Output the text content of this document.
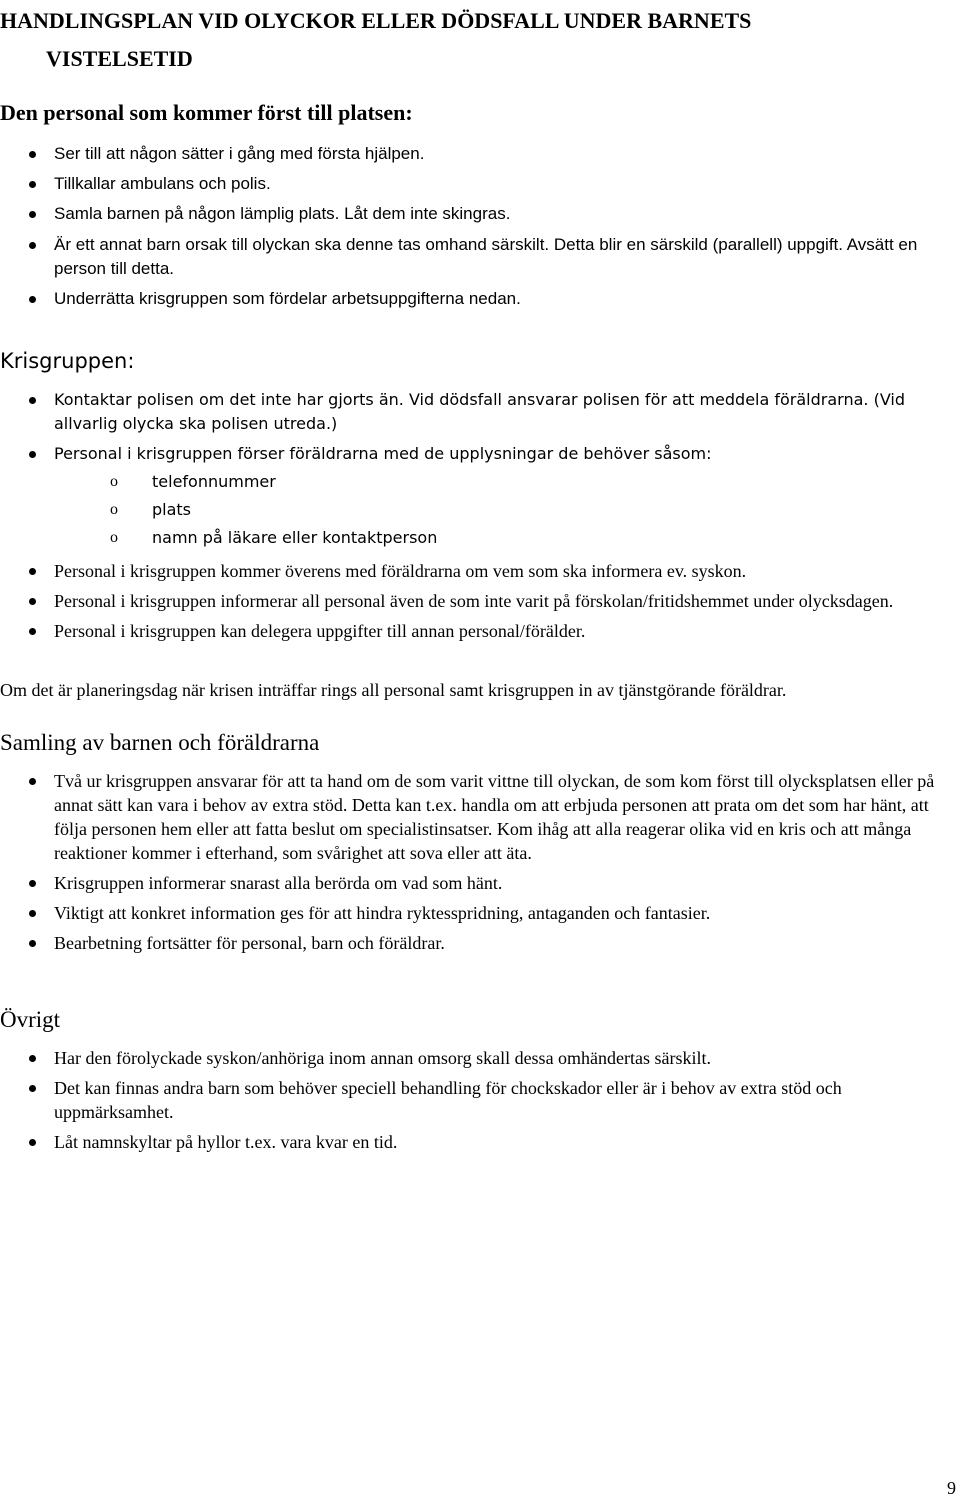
HANDLINGSPLAN VID OLYCKOR ELLER DÖDSFALL UNDER BARNETS
VISTELSETID
Den personal som kommer först till platsen:
Ser till att någon sätter i gång med första hjälpen.
Tillkallar ambulans och polis.
Samla barnen på någon lämplig plats. Låt dem inte skingras.
Är ett annat barn orsak till olyckan ska denne tas omhand särskilt. Detta blir en särskild (parallell) uppgift. Avsätt en person till detta.
Underrätta krisgruppen som fördelar arbetsuppgifterna nedan.
Krisgruppen:
Kontaktar polisen om det inte har gjorts än. Vid dödsfall ansvarar polisen för att meddela föräldrarna. (Vid allvarlig olycka ska polisen utreda.)
Personal i krisgruppen förser föräldrarna med de upplysningar de behöver såsom:
o telefonnummer
o plats
o namn på läkare eller kontaktperson
Personal i krisgruppen kommer överens med föräldrarna om vem som ska informera ev. syskon.
Personal i krisgruppen informerar all personal även de som inte varit på förskolan/fritidshemmet under olycksdagen.
Personal i krisgruppen kan delegera uppgifter till annan personal/förälder.

Om det är planeringsdag när krisen inträffar rings all personal samt krisgruppen in av tjänstgörande föräldrar.

Samling av barnen och föräldrarna
Två ur krisgruppen ansvarar för att ta hand om de som varit vittne till olyckan, de som kom först till olycksplatsen eller på annat sätt kan vara i behov av extra stöd. Detta kan t.ex. handla om att erbjuda personen att prata om det som har hänt, att följa personen hem eller att fatta beslut om specialistinsatser. Kom ihåg att alla reagerar olika vid en kris och att många reaktioner kommer i efterhand, som svårighet att sova eller att äta.
Krisgruppen informerar snarast alla berörda om vad som hänt.
Viktigt att konkret information ges för att hindra ryktesspridning, antaganden och fantasier.
Bearbetning fortsätter för personal, barn och föräldrar.
Övrigt
Har den förolyckade syskon/anhöriga inom annan omsorg skall dessa omhändertas särskilt.
Det kan finnas andra barn som behöver speciell behandling för chockskador eller är i behov av extra stöd och uppmärksamhet.
Låt namnskyltar på hyllor t.ex. vara kvar en tid.
9
